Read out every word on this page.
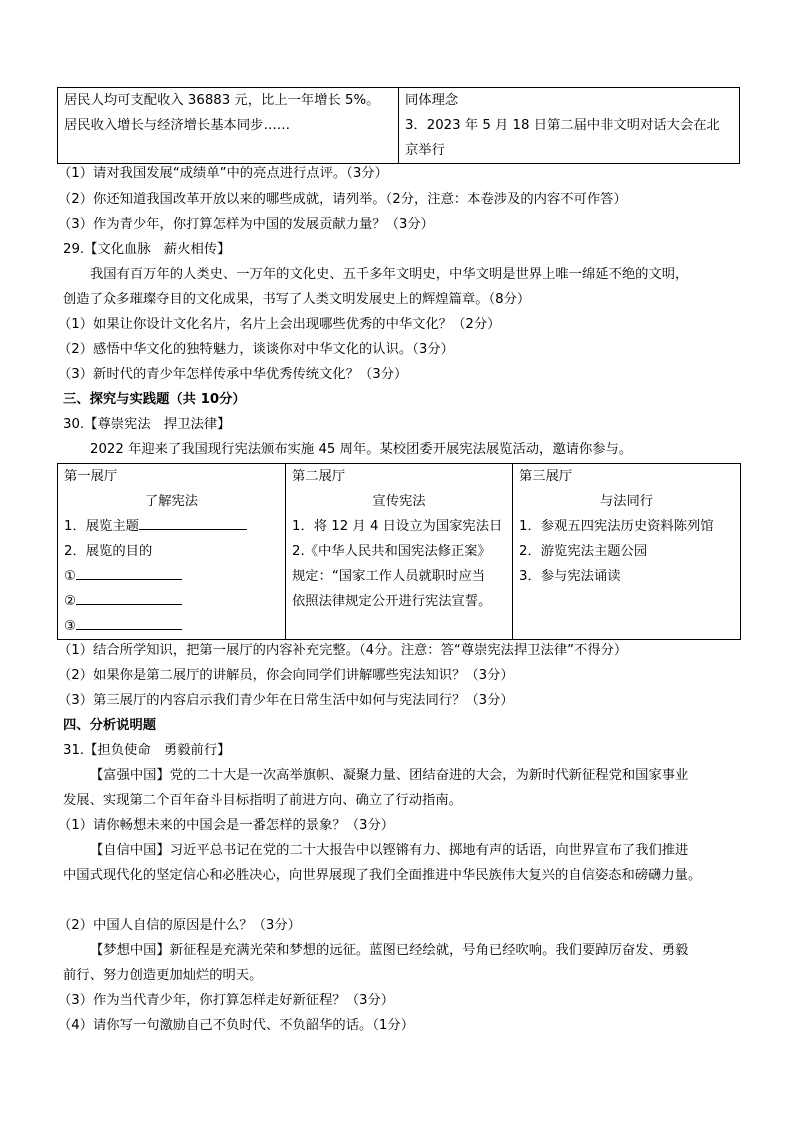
居民人均可支配收入 36883 元，比上一年增长 5%。
居民收入增长与经济增长基本同步……

同体理念
3．2023 年 5 月 18 日第二届中非文明对话大会在北
京举行
（1）请对我国发展“成绩单”中的亮点进行点评。（3分）
（2）你还知道我国改革开放以来的哪些成就，请列举。（2分，注意：本卷涉及的内容不可作答）
（3）作为青少年，你打算怎样为中国的发展贡献力量？（3分）
29.【文化血脉　薪火相传】
我国有百万年的人类史、一万年的文化史、五千多年文明史，中华文明是世界上唯一绵延不绝的文明，
创造了众多璀璨夺目的文化成果，书写了人类文明发展史上的辉煌篇章。（8分）
（1）如果让你设计文化名片，名片上会出现哪些优秀的中华文化？（2分）
（2）感悟中华文化的独特魅力，谈谈你对中华文化的认识。（3分）
（3）新时代的青少年怎样传承中华优秀传统文化？（3分）
三、探究与实践题（共 10分）
30.【尊崇宪法　捍卫法律】
2022 年迎来了我国现行宪法颁布实施 45 周年。某校团委开展宪法展览活动，邀请你参与。
第一展厅
了解宪法
1．展览主题
2．展览的目的
①
②
③

第二展厅
宣传宪法
1．将 12 月 4 日设立为国家宪法日
2.《中华人民共和国宪法修正案》
规定：“国家工作人员就职时应当
依照法律规定公开进行宪法宣誓。

第三展厅
与法同行
1．参观五四宪法历史资料陈列馆
2．游览宪法主题公园
3．参与宪法诵读
（1）结合所学知识，把第一展厅的内容补充完整。（4分。注意：答“尊崇宪法捍卫法律”不得分）
（2）如果你是第二展厅的讲解员，你会向同学们讲解哪些宪法知识？（3分）
（3）第三展厅的内容启示我们青少年在日常生活中如何与宪法同行？（3分）
四、分析说明题
31.【担负使命　勇毅前行】
【富强中国】党的二十大是一次高举旗帜、凝聚力量、团结奋进的大会，为新时代新征程党和国家事业
发展、实现第二个百年奋斗目标指明了前进方向、确立了行动指南。
（1）请你畅想未来的中国会是一番怎样的景象？（3分）
【自信中国】习近平总书记在党的二十大报告中以铿锵有力、掷地有声的话语，向世界宣布了我们推进
中国式现代化的坚定信心和必胜决心，向世界展现了我们全面推进中华民族伟大复兴的自信姿态和磅礴力量。
（2）中国人自信的原因是什么？（3分）
【梦想中国】新征程是充满光荣和梦想的远征。蓝图已经绘就，号角已经吹响。我们要踔厉奋发、勇毅
前行、努力创造更加灿烂的明天。
（3）作为当代青少年，你打算怎样走好新征程？（3分）
（4）请你写一句激励自己不负时代、不负韶华的话。（1分）
